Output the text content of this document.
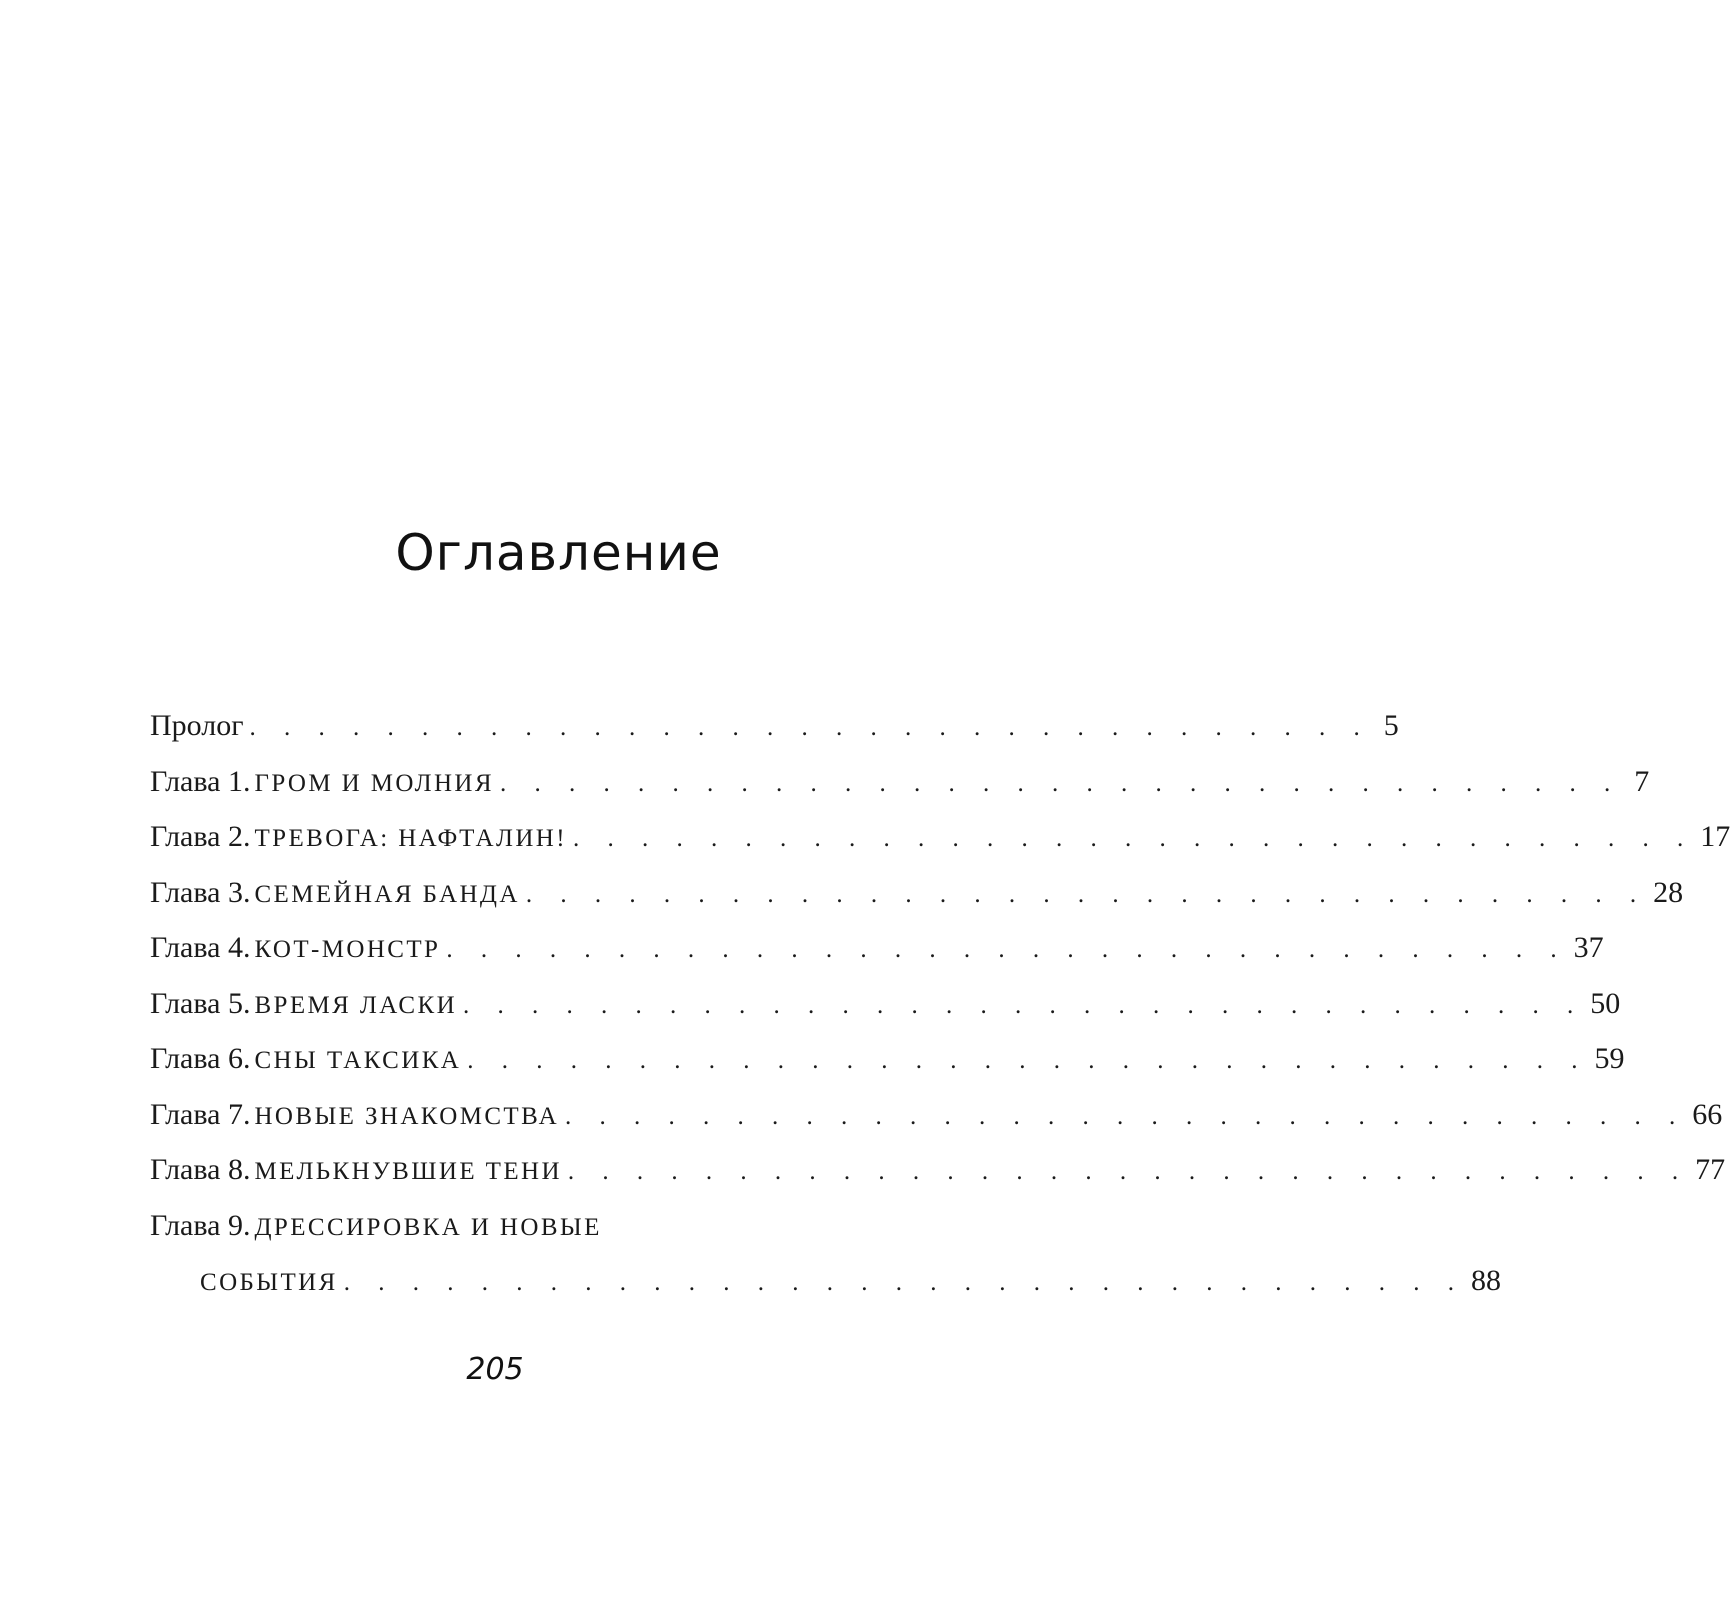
Оглавление
Пролог . . . . . . . . . . . . . . . . . . . . . . . . . . . . . . . . . 5
Глава 1. ГРОМ И МОЛНИЯ . . . . . . . . . . . . . . . . . . . . . . . . . . . . . . . . . 7
Глава 2. ТРЕВОГА: НАФТАЛИН! . . . . . . . . . . . . . . . . . . . . . . . . . . . . . . . . . 17
Глава 3. СЕМЕЙНАЯ БАНДА . . . . . . . . . . . . . . . . . . . . . . . . . . . . . . . . . 28
Глава 4. КОТ-МОНСТР . . . . . . . . . . . . . . . . . . . . . . . . . . . . . . . . . 37
Глава 5. ВРЕМЯ ЛАСКИ . . . . . . . . . . . . . . . . . . . . . . . . . . . . . . . . . 50
Глава 6. СНЫ ТАКСИКА . . . . . . . . . . . . . . . . . . . . . . . . . . . . . . . . . 59
Глава 7. НОВЫЕ ЗНАКОМСТВА . . . . . . . . . . . . . . . . . . . . . . . . . . . . . . . . . 66
Глава 8. МЕЛЬКНУВШИЕ ТЕНИ . . . . . . . . . . . . . . . . . . . . . . . . . . . . . . . . . 77
Глава 9. ДРЕССИРОВКА И НОВЫЕ
СОБЫТИЯ . . . . . . . . . . . . . . . . . . . . . . . . . . . . . . . . . 88
205
